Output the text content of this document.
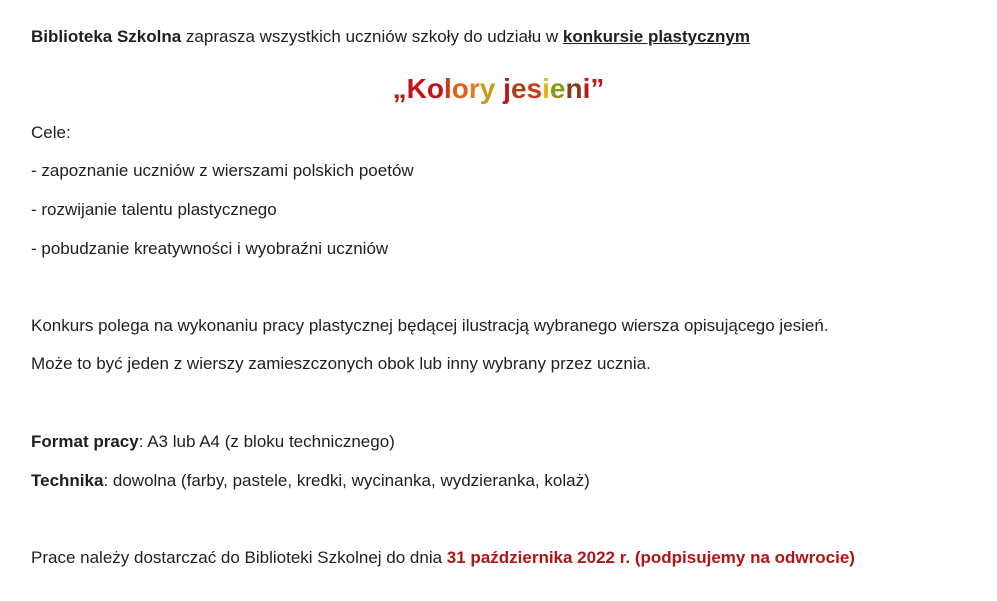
Biblioteka Szkolna zaprasza wszystkich uczniów szkoły do udziału w konkursie plastycznym
„Kolory jesieni”
Cele:
- zapoznanie uczniów z wierszami polskich poetów
- rozwijanie talentu plastycznego
- pobudzanie kreatywności i wyobraźni uczniów
Konkurs polega na wykonaniu pracy plastycznej będącej ilustracją wybranego wiersza opisującego jesień.
Może to być jeden z wierszy zamieszczonych obok lub inny wybrany przez ucznia.
Format pracy: A3 lub A4 (z bloku technicznego)
Technika: dowolna (farby, pastele, kredki, wycinanka, wydzieranka, kolaż)
Prace należy dostarczać do Biblioteki Szkolnej do dnia 31 października 2022 r. (podpisujemy na odwrocie)
